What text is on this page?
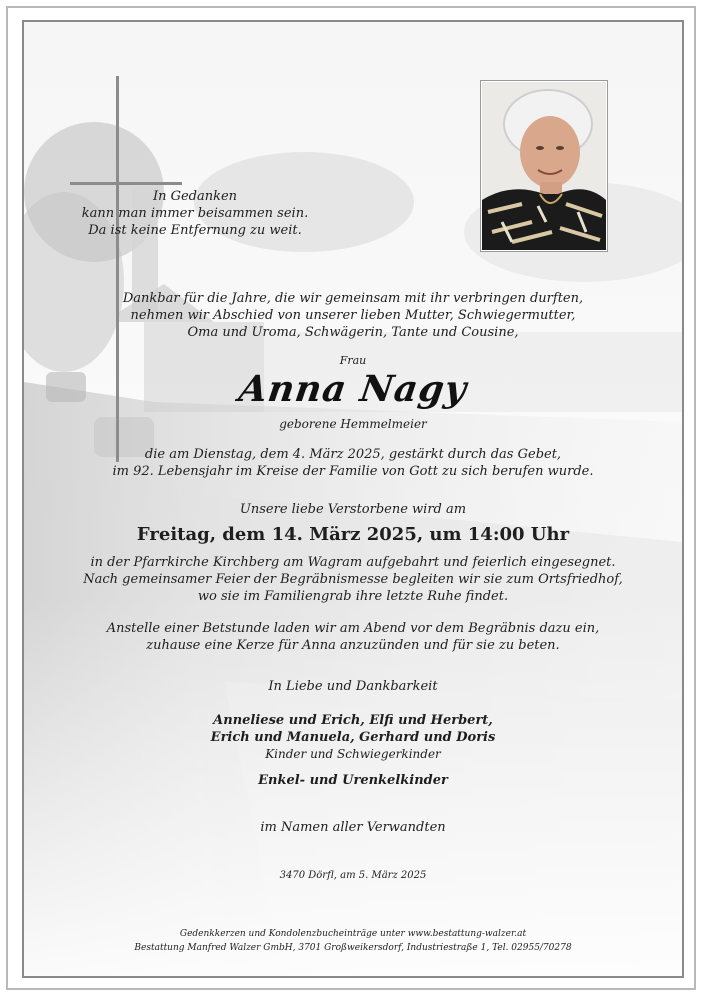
In Gedanken
kann man immer beisammen sein.
Da ist keine Entfernung zu weit.
Dankbar für die Jahre, die wir gemeinsam mit ihr verbringen durften,
nehmen wir Abschied von unserer lieben Mutter, Schwiegermutter,
Oma und Uroma, Schwägerin, Tante und Cousine,
Frau
Anna Nagy
geborene Hemmelmeier
die am Dienstag, dem 4. März 2025, gestärkt durch das Gebet,
im 92. Lebensjahr im Kreise der Familie von Gott zu sich berufen wurde.
Unsere liebe Verstorbene wird am
Freitag, dem 14. März 2025, um 14:00 Uhr
in der Pfarrkirche Kirchberg am Wagram aufgebahrt und feierlich eingesegnet.
Nach gemeinsamer Feier der Begräbnismesse begleiten wir sie zum Ortsfriedhof,
wo sie im Familiengrab ihre letzte Ruhe findet.
Anstelle einer Betstunde laden wir am Abend vor dem Begräbnis dazu ein,
zuhause eine Kerze für Anna anzuzünden und für sie zu beten.
In Liebe und Dankbarkeit
Anneliese und Erich, Elfi und Herbert,
Erich und Manuela, Gerhard und Doris
Kinder und Schwiegerkinder
Enkel- und Urenkelkinder
im Namen aller Verwandten
3470 Dörfl, am 5. März 2025
Gedenkkerzen und Kondolenzbucheinträge unter www.bestattung-walzer.at
Bestattung Manfred Walzer GmbH, 3701 Großweikersdorf, Industriestraße 1, Tel. 02955/70278
